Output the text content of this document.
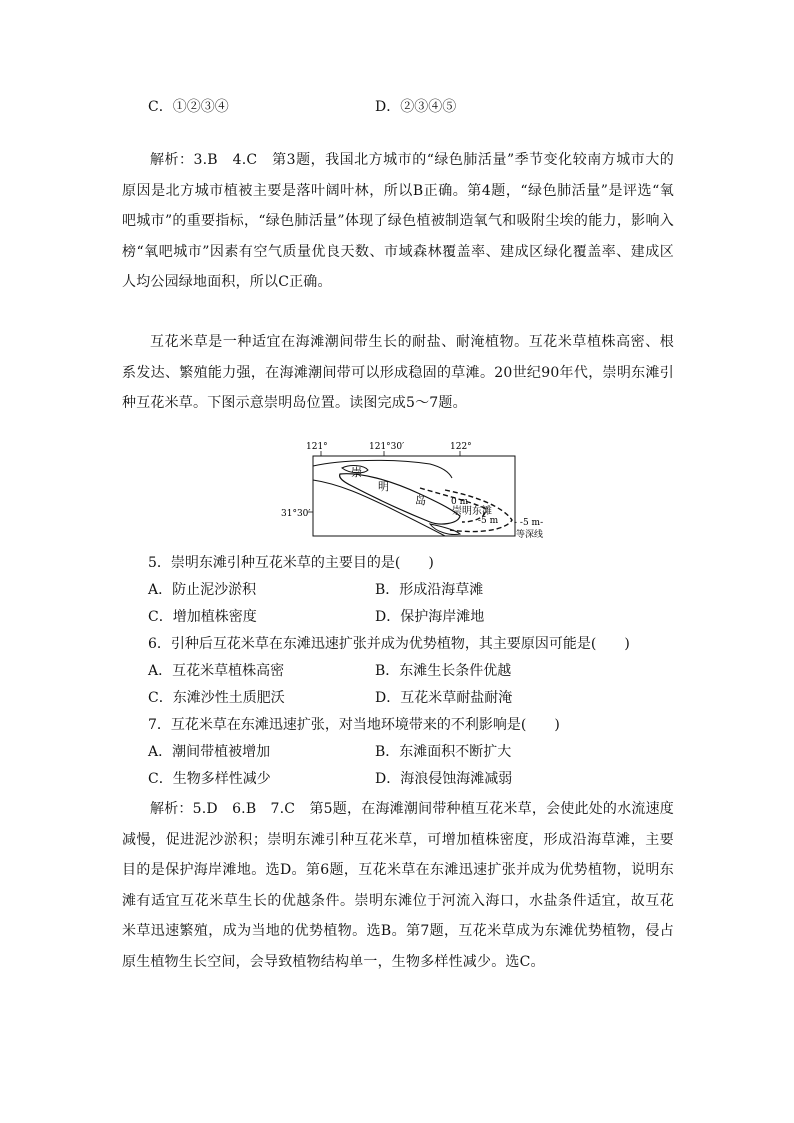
C．①②③④	D．②③④⑤
解析：3.B　4.C　第3题，我国北方城市的“绿色肺活量”季节变化较南方城市大的原因是北方城市植被主要是落叶阔叶林，所以B正确。第4题，“绿色肺活量”是评选“氧吧城市”的重要指标，“绿色肺活量”体现了绿色植被制造氧气和吸附尘埃的能力，影响入榜“氧吧城市”因素有空气质量优良天数、市域森林覆盖率、建成区绿化覆盖率、建成区人均公园绿地面积，所以C正确。
互花米草是一种适宜在海滩潮间带生长的耐盐、耐淹植物。互花米草植株高密、根系发达、繁殖能力强，在海滩潮间带可以形成稳固的草滩。20世纪90年代，崇明东滩引种互花米草。下图示意崇明岛位置。读图完成5～7题。
121°	121°30′	122°
31°30′
崇
明
岛	0 m
崇明东滩
-5 m - -5 m-
等深线
5．崇明东滩引种互花米草的主要目的是(　　)
A．防止泥沙淤积	B．形成沿海草滩
C．增加植株密度	D．保护海岸滩地
6．引种后互花米草在东滩迅速扩张并成为优势植物，其主要原因可能是(　　)
A．互花米草植株高密	B．东滩生长条件优越
C．东滩沙性土质肥沃	D．互花米草耐盐耐淹
7．互花米草在东滩迅速扩张，对当地环境带来的不利影响是(　　)
A．潮间带植被增加	B．东滩面积不断扩大
C．生物多样性减少	D．海浪侵蚀海滩减弱
解析：5.D　6.B　7.C　第5题，在海滩潮间带种植互花米草，会使此处的水流速度减慢，促进泥沙淤积；崇明东滩引种互花米草，可增加植株密度，形成沿海草滩，主要目的是保护海岸滩地。选D。第6题，互花米草在东滩迅速扩张并成为优势植物，说明东滩有适宜互花米草生长的优越条件。崇明东滩位于河流入海口，水盐条件适宜，故互花米草迅速繁殖，成为当地的优势植物。选B。第7题，互花米草成为东滩优势植物，侵占原生植物生长空间，会导致植物结构单一，生物多样性减少。选C。
